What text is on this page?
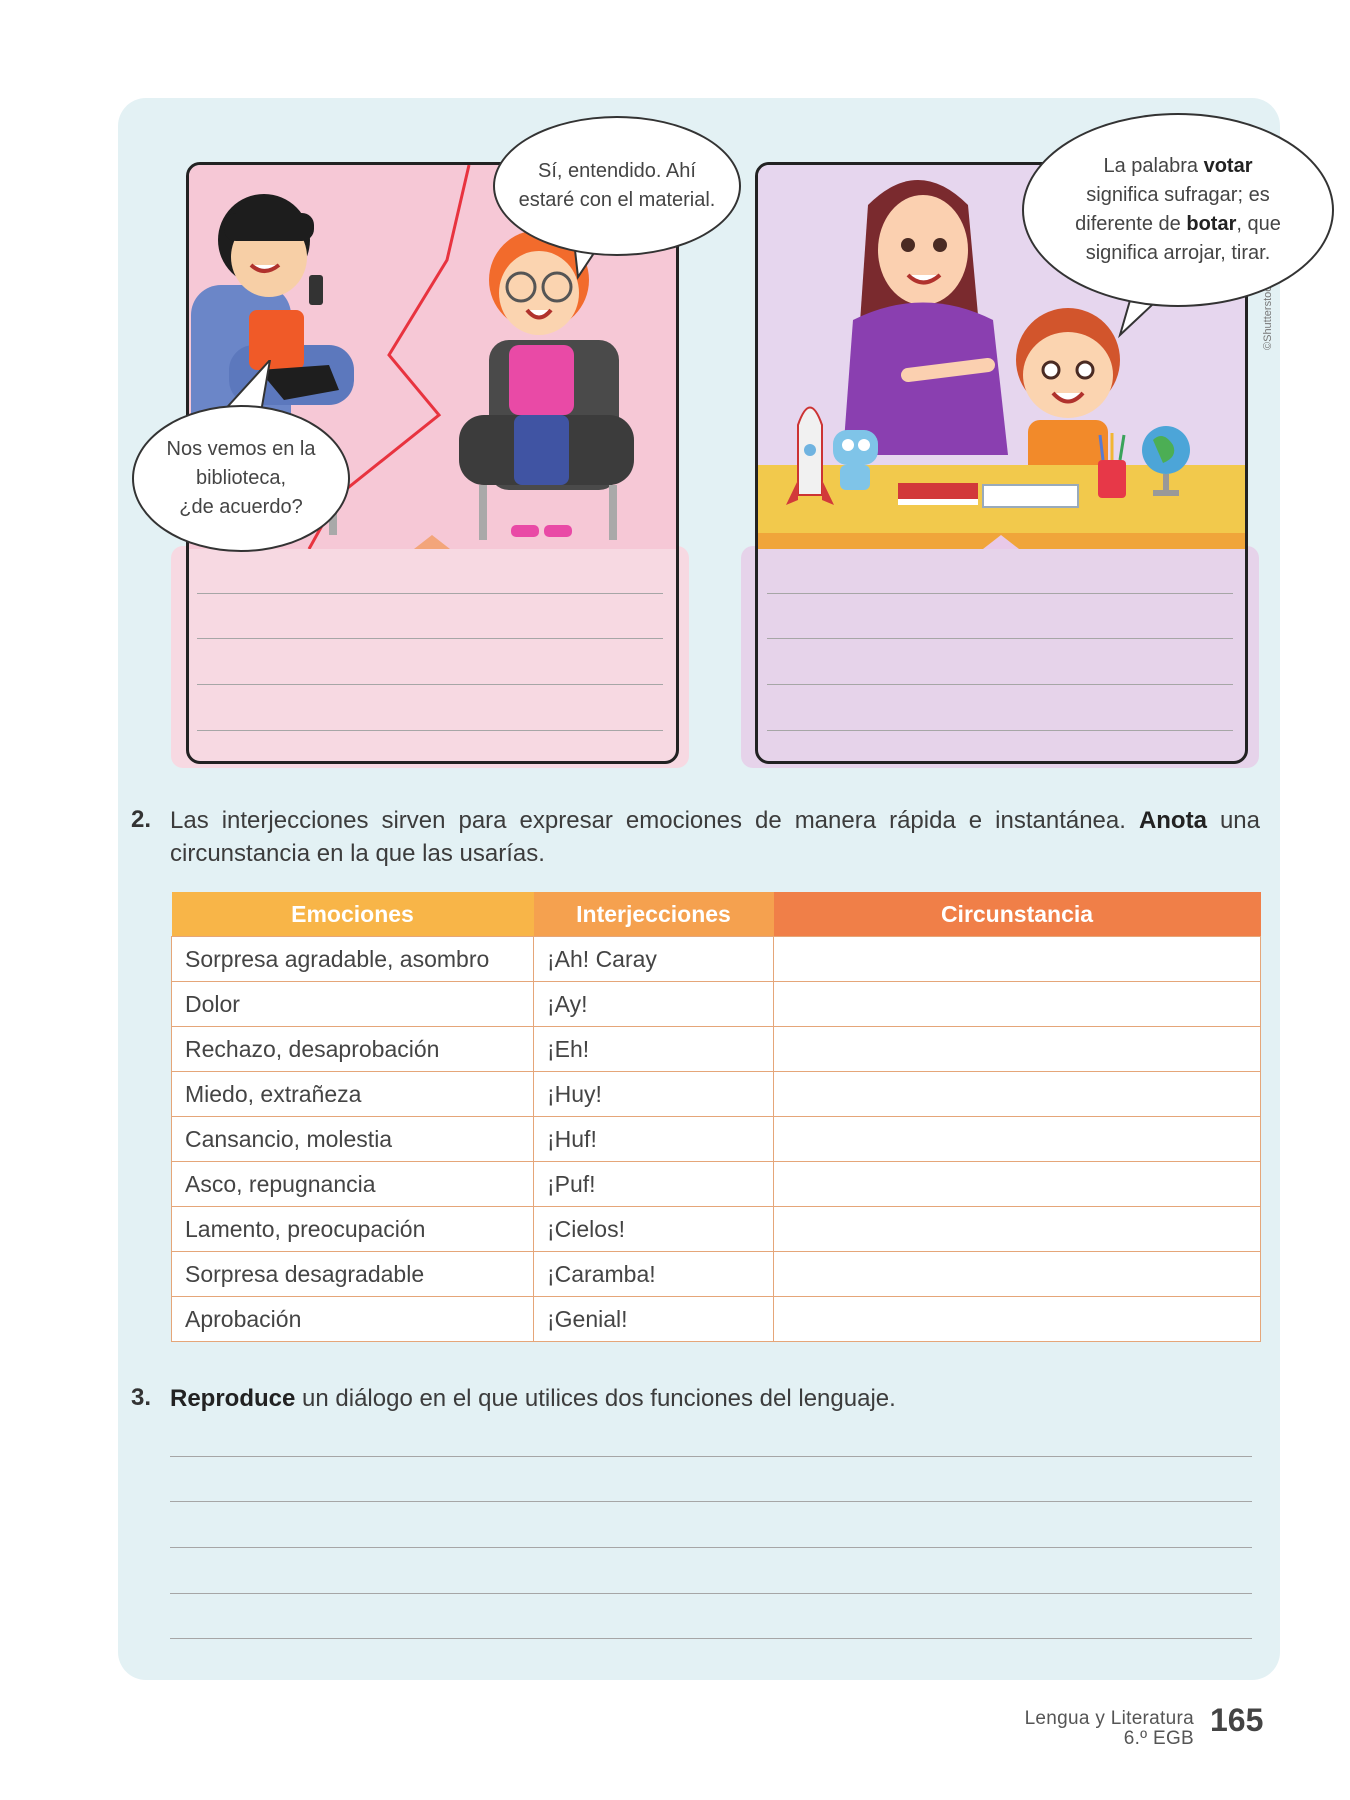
Nos vemos en la
biblioteca,
¿de acuerdo?
Sí, entendido. Ahí
estaré con el material.
La palabra votar
significa sufragar; es
diferente de botar, que
significa arrojar, tirar.
©Shutterstock
2. Las interjecciones sirven para expresar emociones de manera rápida e instantánea. Anota una circunstancia en la que las usarías.
Emociones	Interjecciones	Circunstancia
Sorpresa agradable, asombro	¡Ah! Caray	
Dolor	¡Ay!	
Rechazo, desaprobación	¡Eh!	
Miedo, extrañeza	¡Huy!	
Cansancio, molestia	¡Huf!	
Asco, repugnancia	¡Puf!	
Lamento, preocupación	¡Cielos!	
Sorpresa desagradable	¡Caramba!	
Aprobación	¡Genial!	
3. Reproduce un diálogo en el que utilices dos funciones del lenguaje.
Lengua y Literatura
6.º EGB
165
